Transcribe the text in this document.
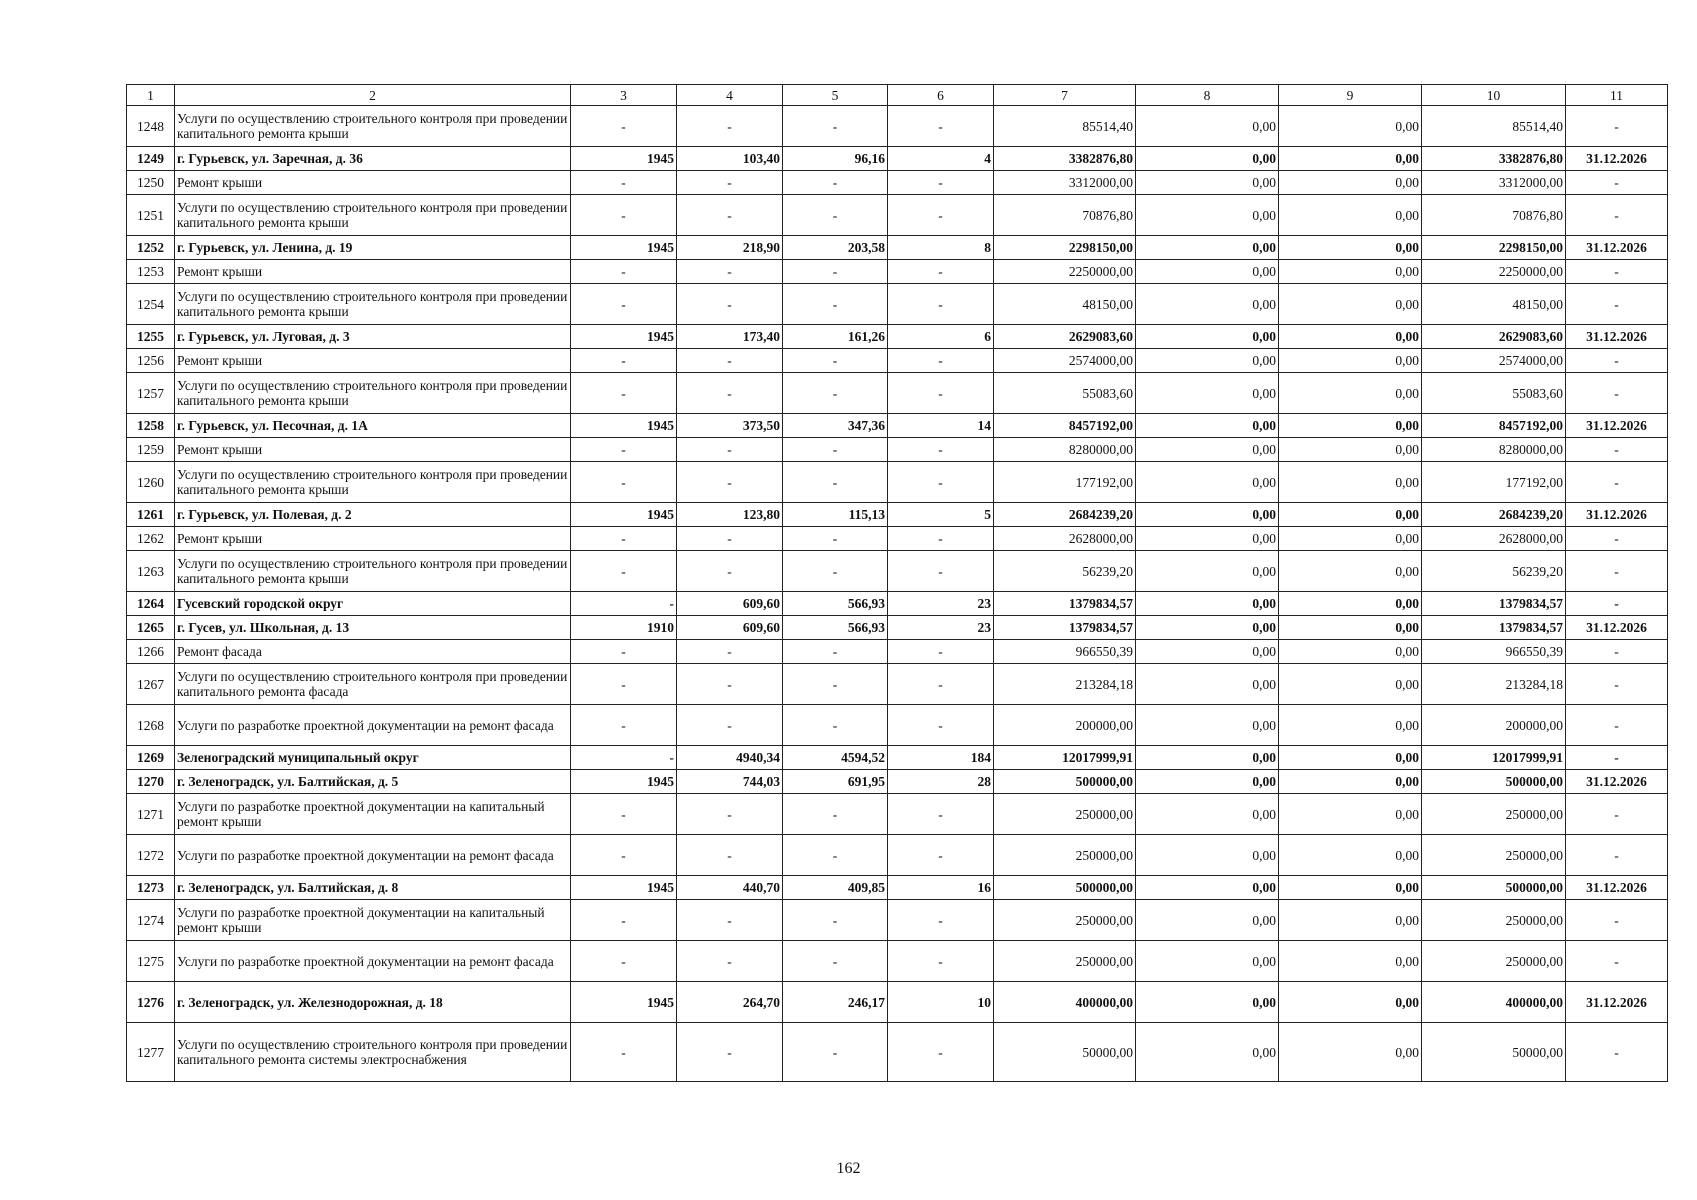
1	2	3	4	5	6	7	8	9	10	11
1248	Услуги по осуществлению строительного контроля при проведении капитального ремонта крыши	-	-	-	-	85514,40	0,00	0,00	85514,40	-
1249	г. Гурьевск, ул. Заречная, д. 36	1945	103,40	96,16	4	3382876,80	0,00	0,00	3382876,80	31.12.2026
1250	Ремонт крыши	-	-	-	-	3312000,00	0,00	0,00	3312000,00	-
1251	Услуги по осуществлению строительного контроля при проведении капитального ремонта крыши	-	-	-	-	70876,80	0,00	0,00	70876,80	-
1252	г. Гурьевск, ул. Ленина, д. 19	1945	218,90	203,58	8	2298150,00	0,00	0,00	2298150,00	31.12.2026
1253	Ремонт крыши	-	-	-	-	2250000,00	0,00	0,00	2250000,00	-
1254	Услуги по осуществлению строительного контроля при проведении капитального ремонта крыши	-	-	-	-	48150,00	0,00	0,00	48150,00	-
1255	г. Гурьевск, ул. Луговая, д. 3	1945	173,40	161,26	6	2629083,60	0,00	0,00	2629083,60	31.12.2026
1256	Ремонт крыши	-	-	-	-	2574000,00	0,00	0,00	2574000,00	-
1257	Услуги по осуществлению строительного контроля при проведении капитального ремонта крыши	-	-	-	-	55083,60	0,00	0,00	55083,60	-
1258	г. Гурьевск, ул. Песочная, д. 1А	1945	373,50	347,36	14	8457192,00	0,00	0,00	8457192,00	31.12.2026
1259	Ремонт крыши	-	-	-	-	8280000,00	0,00	0,00	8280000,00	-
1260	Услуги по осуществлению строительного контроля при проведении капитального ремонта крыши	-	-	-	-	177192,00	0,00	0,00	177192,00	-
1261	г. Гурьевск, ул. Полевая, д. 2	1945	123,80	115,13	5	2684239,20	0,00	0,00	2684239,20	31.12.2026
1262	Ремонт крыши	-	-	-	-	2628000,00	0,00	0,00	2628000,00	-
1263	Услуги по осуществлению строительного контроля при проведении капитального ремонта крыши	-	-	-	-	56239,20	0,00	0,00	56239,20	-
1264	Гусевский городской округ	-	609,60	566,93	23	1379834,57	0,00	0,00	1379834,57	-
1265	г. Гусев, ул. Школьная, д. 13	1910	609,60	566,93	23	1379834,57	0,00	0,00	1379834,57	31.12.2026
1266	Ремонт фасада	-	-	-	-	966550,39	0,00	0,00	966550,39	-
1267	Услуги по осуществлению строительного контроля при проведении капитального ремонта фасада	-	-	-	-	213284,18	0,00	0,00	213284,18	-
1268	Услуги по разработке проектной документации на ремонт фасада	-	-	-	-	200000,00	0,00	0,00	200000,00	-
1269	Зеленоградский муниципальный округ	-	4940,34	4594,52	184	12017999,91	0,00	0,00	12017999,91	-
1270	г. Зеленоградск, ул. Балтийская, д. 5	1945	744,03	691,95	28	500000,00	0,00	0,00	500000,00	31.12.2026
1271	Услуги по разработке проектной документации на капитальный ремонт крыши	-	-	-	-	250000,00	0,00	0,00	250000,00	-
1272	Услуги по разработке проектной документации на ремонт фасада	-	-	-	-	250000,00	0,00	0,00	250000,00	-
1273	г. Зеленоградск, ул. Балтийская, д. 8	1945	440,70	409,85	16	500000,00	0,00	0,00	500000,00	31.12.2026
1274	Услуги по разработке проектной документации на капитальный ремонт крыши	-	-	-	-	250000,00	0,00	0,00	250000,00	-
1275	Услуги по разработке проектной документации на ремонт фасада	-	-	-	-	250000,00	0,00	0,00	250000,00	-
1276	г. Зеленоградск, ул. Железнодорожная, д. 18	1945	264,70	246,17	10	400000,00	0,00	0,00	400000,00	31.12.2026
1277	Услуги по осуществлению строительного контроля при проведении капитального ремонта системы электроснабжения	-	-	-	-	50000,00	0,00	0,00	50000,00	-
162
